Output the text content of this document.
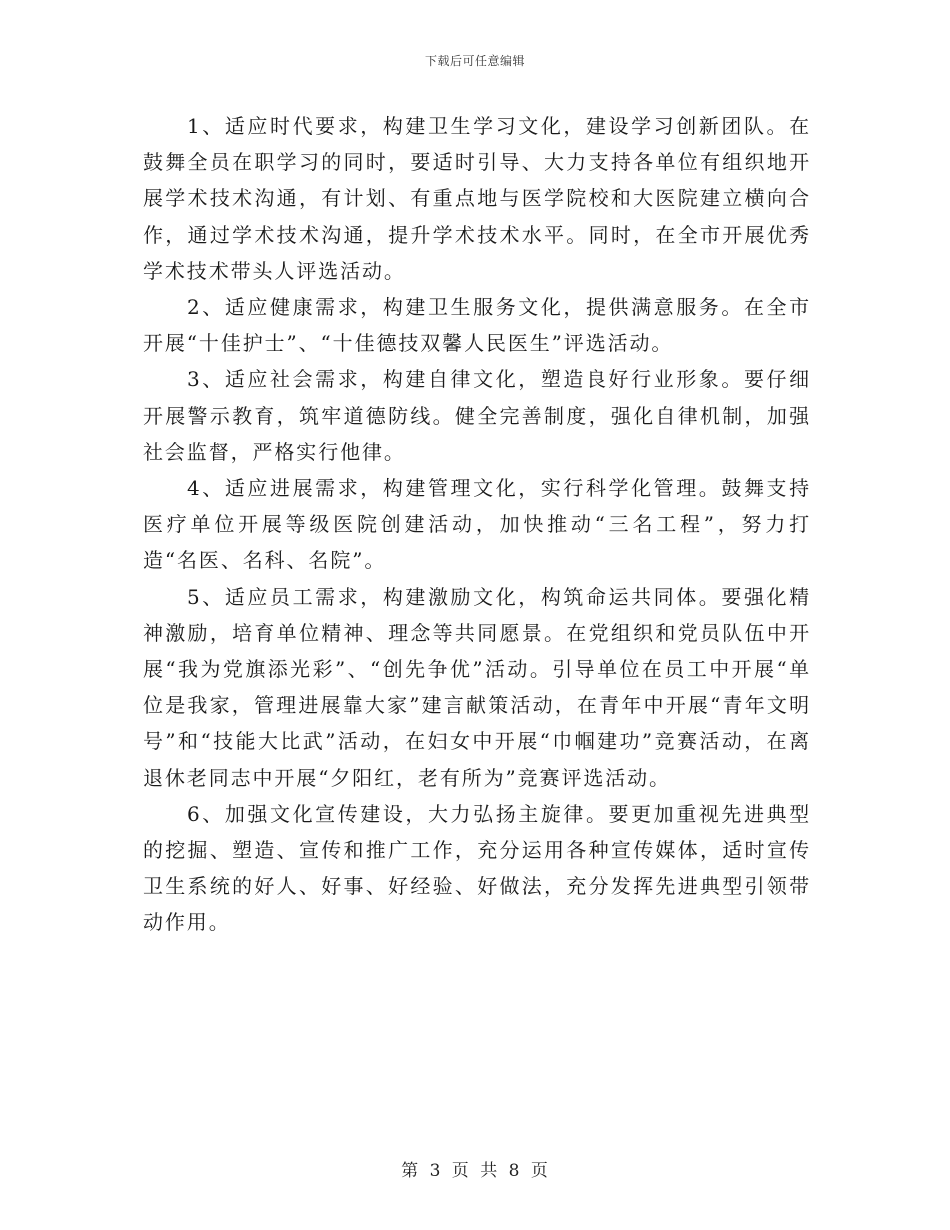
下载后可任意编辑

1、适应时代要求，构建卫生学习文化，建设学习创新团队。在鼓舞全员在职学习的同时，要适时引导、大力支持各单位有组织地开展学术技术沟通，有计划、有重点地与医学院校和大医院建立横向合作，通过学术技术沟通，提升学术技术水平。同时，在全市开展优秀学术技术带头人评选活动。

2、适应健康需求，构建卫生服务文化，提供满意服务。在全市开展“十佳护士”、“十佳德技双馨人民医生”评选活动。

3、适应社会需求，构建自律文化，塑造良好行业形象。要仔细开展警示教育，筑牢道德防线。健全完善制度，强化自律机制，加强社会监督，严格实行他律。

4、适应进展需求，构建管理文化，实行科学化管理。鼓舞支持医疗单位开展等级医院创建活动，加快推动“三名工程”，努力打造“名医、名科、名院”。

5、适应员工需求，构建激励文化，构筑命运共同体。要强化精神激励，培育单位精神、理念等共同愿景。在党组织和党员队伍中开展“我为党旗添光彩”、“创先争优”活动。引导单位在员工中开展“单位是我家，管理进展靠大家”建言献策活动，在青年中开展“青年文明号”和“技能大比武”活动，在妇女中开展“巾帼建功”竞赛活动，在离退休老同志中开展“夕阳红，老有所为”竞赛评选活动。

6、加强文化宣传建设，大力弘扬主旋律。要更加重视先进典型的挖掘、塑造、宣传和推广工作，充分运用各种宣传媒体，适时宣传卫生系统的好人、好事、好经验、好做法，充分发挥先进典型引领带动作用。

第 3 页 共 8 页
